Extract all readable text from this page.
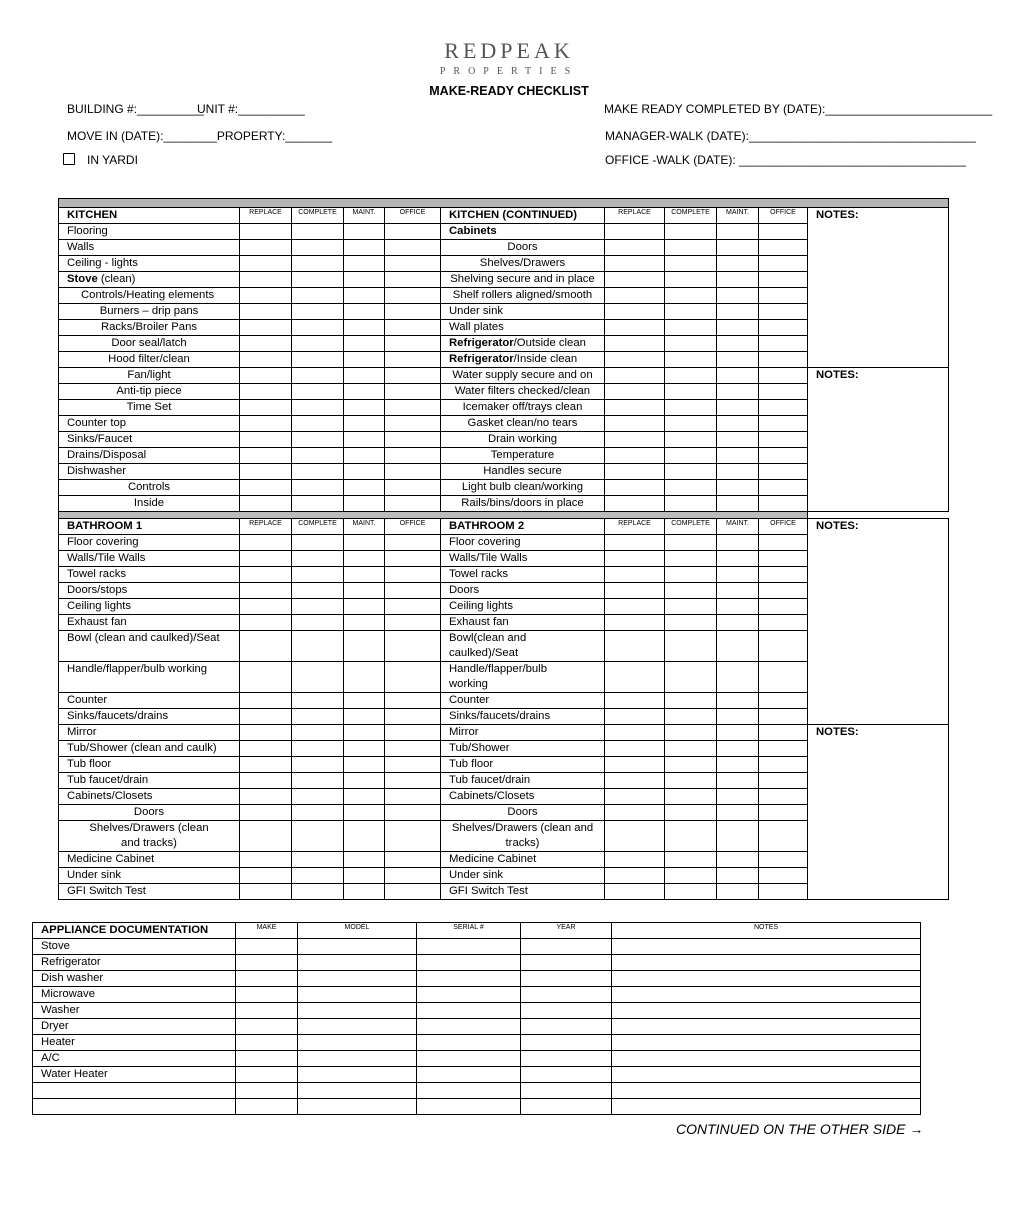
REDPEAK
PROPERTIES
MAKE-READY CHECKLIST
BUILDING #:__________
UNIT #:__________
MOVE IN (DATE):________PROPERTY:_______
IN YARDI
MAKE READY COMPLETED BY (DATE):_________________________
MANAGER-WALK (DATE):__________________________________
OFFICE -WALK (DATE): __________________________________

KITCHEN	REPLACE	COMPLETE	MAINT.	OFFICE	KITCHEN (CONTINUED)	REPLACE	COMPLETE	MAINT.	OFFICE	NOTES:
Flooring					Cabinets					
Walls					Doors					
Ceiling - lights					Shelves/Drawers					
Stove (clean)					Shelving secure and in place					
Controls/Heating elements					Shelf rollers aligned/smooth					
Burners – drip pans					Under sink					
Racks/Broiler Pans					Wall plates					
Door seal/latch					Refrigerator/Outside clean					
Hood filter/clean					Refrigerator/Inside clean					
Fan/light					Water supply secure and on					NOTES:
Anti-tip piece					Water filters checked/clean					
Time Set					Icemaker off/trays clean					
Counter top					Gasket clean/no tears					
Sinks/Faucet					Drain working					
Drains/Disposal					Temperature					
Dishwasher					Handles secure					
Controls					Light bulb clean/working					
Inside					Rails/bins/doors in place					

BATHROOM 1	REPLACE	COMPLETE	MAINT.	OFFICE	BATHROOM 2	REPLACE	COMPLETE	MAINT.	OFFICE	NOTES:
Floor covering					Floor covering					
Walls/Tile Walls					Walls/Tile Walls					
Towel racks					Towel racks					
Doors/stops					Doors					
Ceiling lights					Ceiling lights					
Exhaust fan					Exhaust fan					
Bowl (clean and caulked)/Seat					Bowl(clean and caulked)/Seat					
Handle/flapper/bulb working					Handle/flapper/bulb working					
Counter					Counter					
Sinks/faucets/drains					Sinks/faucets/drains					
Mirror					Mirror					NOTES:
Tub/Shower (clean and caulk)					Tub/Shower					
Tub floor					Tub floor					
Tub faucet/drain					Tub faucet/drain					
Cabinets/Closets					Cabinets/Closets					
Doors					Doors					
Shelves/Drawers (clean and tracks)					Shelves/Drawers (clean and tracks)					
Medicine Cabinet					Medicine Cabinet					
Under sink					Under sink					
GFI Switch Test					GFI Switch Test					
APPLIANCE DOCUMENTATION	MAKE	MODEL	SERIAL #	YEAR	NOTES
Stove					
Refrigerator					
Dish washer					
Microwave					
Washer					
Dryer					
Heater					
A/C					
Water Heater					

CONTINUED ON THE OTHER SIDE →
